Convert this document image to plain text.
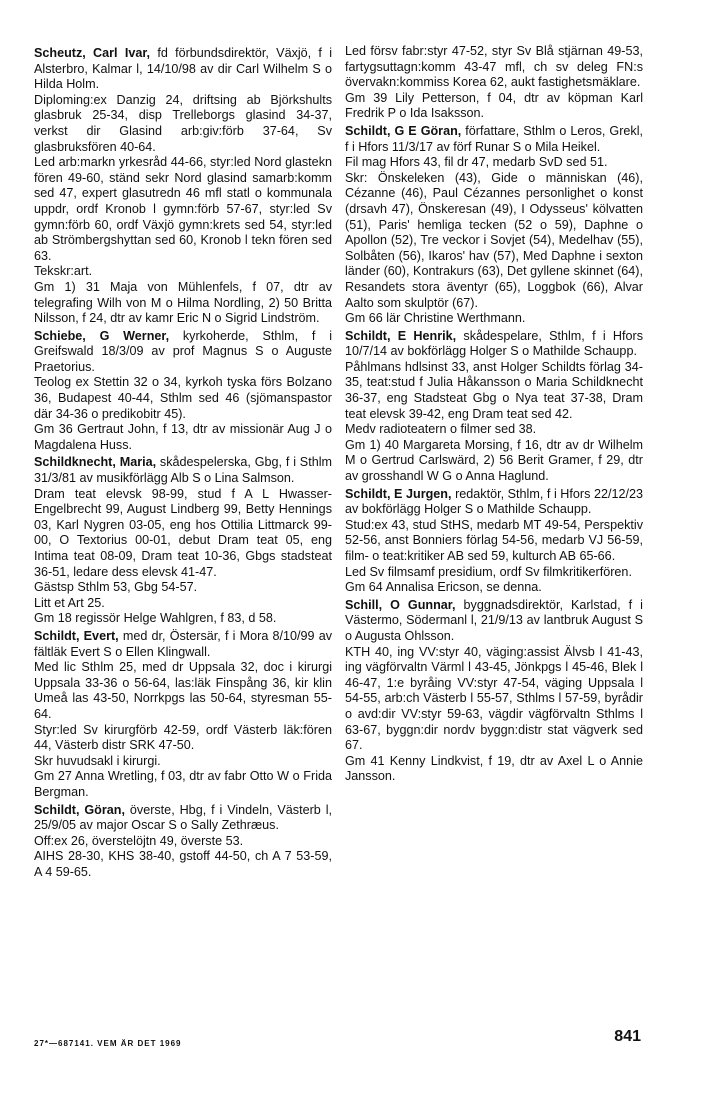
Scheutz, Carl Ivar, fd förbundsdirektör, Växjö, f i Alsterbro, Kalmar l, 14/10/98 av dir Carl Wilhelm S o Hilda Holm.

Diploming:ex Danzig 24, driftsing ab Björkshults glasbruk 25-34, disp Trelleborgs glasind 34-37, verkst dir Glasind arb:giv:förb 37-64, Sv glasbruksfören 40-64.

Led arb:markn yrkesråd 44-66, styr:led Nord glastekn fören 49-60, ständ sekr Nord glasind samarb:komm sed 47, expert glasutredn 46 mfl statl o kommunala uppdr, ordf Kronob l gymn:förb 57-67, styr:led Sv gymn:förb 60, ordf Växjö gymn:krets sed 54, styr:led ab Strömbergshyttan sed 60, Kronob l tekn fören sed 63.

Tekskr:art.

Gm 1) 31 Maja von Mühlenfels, f 07, dtr av telegrafing Wilh von M o Hilma Nordling, 2) 50 Britta Nilsson, f 24, dtr av kamr Eric N o Sigrid Lindström.

Schiebe, G Werner, kyrkoherde, Sthlm, f i Greifswald 18/3/09 av prof Magnus S o Auguste Praetorius.

Teolog ex Stettin 32 o 34, kyrkoh tyska förs Bolzano 36, Budapest 40-44, Sthlm sed 46 (sjömanspastor där 34-36 o predikobitr 45).

Gm 36 Gertraut John, f 13, dtr av missionär Aug J o Magdalena Huss.

Schildknecht, Maria, skådespelerska, Gbg, f i Sthlm 31/3/81 av musikförlägg Alb S o Lina Salmson.

Dram teat elevsk 98-99, stud f A L Hwasser-Engelbrecht 99, August Lindberg 99, Betty Hennings 03, Karl Nygren 03-05, eng hos Ottilia Littmarck 99-00, O Textorius 00-01, debut Dram teat 05, eng Intima teat 08-09, Dram teat 10-36, Gbgs stadsteat 36-51, ledare dess elevsk 41-47.

Gästsp Sthlm 53, Gbg 54-57.

Litt et Art 25.

Gm 18 regissör Helge Wahlgren, f 83, d 58.

Schildt, Evert, med dr, Östersär, f i Mora 8/10/99 av fältläk Evert S o Ellen Klingwall.

Med lic Sthlm 25, med dr Uppsala 32, doc i kirurgi Uppsala 33-36 o 56-64, las:läk Finspång 36, kir klin Umeå las 43-50, Norrkpgs las 50-64, styresman 55-64.

Styr:led Sv kirurgförb 42-59, ordf Västerb läk:fören 44, Västerb distr SRK 47-50.

Skr huvudsakl i kirurgi.

Gm 27 Anna Wretling, f 03, dtr av fabr Otto W o Frida Bergman.

Schildt, Göran, överste, Hbg, f i Vindeln, Västerb l, 25/9/05 av major Oscar S o Sally Zethræus.

Off:ex 26, överstelöjtn 49, överste 53.

AIHS 28-30, KHS 38-40, gstoff 44-50, ch A 7 53-59, A 4 59-65.

Led försv fabr:styr 47-52, styr Sv Blå stjärnan 49-53, fartygsuttagn:komm 43-47 mfl, ch sv deleg FN:s övervakn:kommiss Korea 62, aukt fastighetsmäklare.

Gm 39 Lily Petterson, f 04, dtr av köpman Karl Fredrik P o Ida Isaksson.

Schildt, G E Göran, författare, Sthlm o Leros, Grekl, f i Hfors 11/3/17 av förf Runar S o Mila Heikel.

Fil mag Hfors 43, fil dr 47, medarb SvD sed 51.

Skr: Önskeleken (43), Gide o människan (46), Cézanne (46), Paul Cézannes personlighet o konst (drsavh 47), Önskeresan (49), I Odysseus' kölvatten (51), Paris' hemliga tecken (52 o 59), Daphne o Apollon (52), Tre veckor i Sovjet (54), Medelhav (55), Solbåten (56), Ikaros' hav (57), Med Daphne i sexton länder (60), Kontrakurs (63), Det gyllene skinnet (64), Resandets stora äventyr (65), Loggbok (66), Alvar Aalto som skulptör (67).

Gm 66 lär Christine Werthmann.

Schildt, E Henrik, skådespelare, Sthlm, f i Hfors 10/7/14 av bokförlägg Holger S o Mathilde Schaupp.

Påhlmans hdlsinst 33, anst Holger Schildts förlag 34-35, teat:stud f Julia Håkansson o Maria Schildknecht 36-37, eng Stadsteat Gbg o Nya teat 37-38, Dram teat elevsk 39-42, eng Dram teat sed 42.

Medv radioteatern o filmer sed 38.

Gm 1) 40 Margareta Morsing, f 16, dtr av dr Wilhelm M o Gertrud Carlswärd, 2) 56 Berit Gramer, f 29, dtr av grosshandl W G o Anna Haglund.

Schildt, E Jurgen, redaktör, Sthlm, f i Hfors 22/12/23 av bokförlägg Holger S o Mathilde Schaupp.

Stud:ex 43, stud StHS, medarb MT 49-54, Perspektiv 52-56, anst Bonniers förlag 54-56, medarb VJ 56-59, film- o teat:kritiker AB sed 59, kulturch AB 65-66.

Led Sv filmsamf presidium, ordf Sv filmkritikerfören.

Gm 64 Annalisa Ericson, se denna.

Schill, O Gunnar, byggnadsdirektör, Karlstad, f i Västermo, Södermanl l, 21/9/13 av lantbruk August S o Augusta Ohlsson.

KTH 40, ing VV:styr 40, väging:assist Älvsb l 41-43, ing vägförvaltn Värml l 43-45, Jönkpgs l 45-46, Blek l 46-47, 1:e byråing VV:styr 47-54, väging Uppsala l 54-55, arb:ch Västerb l 55-57, Sthlms l 57-59, byrådir o avd:dir VV:styr 59-63, vägdir vägförvaltn Sthlms l 63-67, byggn:dir nordv byggn:distr stat vägverk sed 67.

Gm 41 Kenny Lindkvist, f 19, dtr av Axel L o Annie Jansson.

27*—687141. VEM ÄR DET 1969	841
